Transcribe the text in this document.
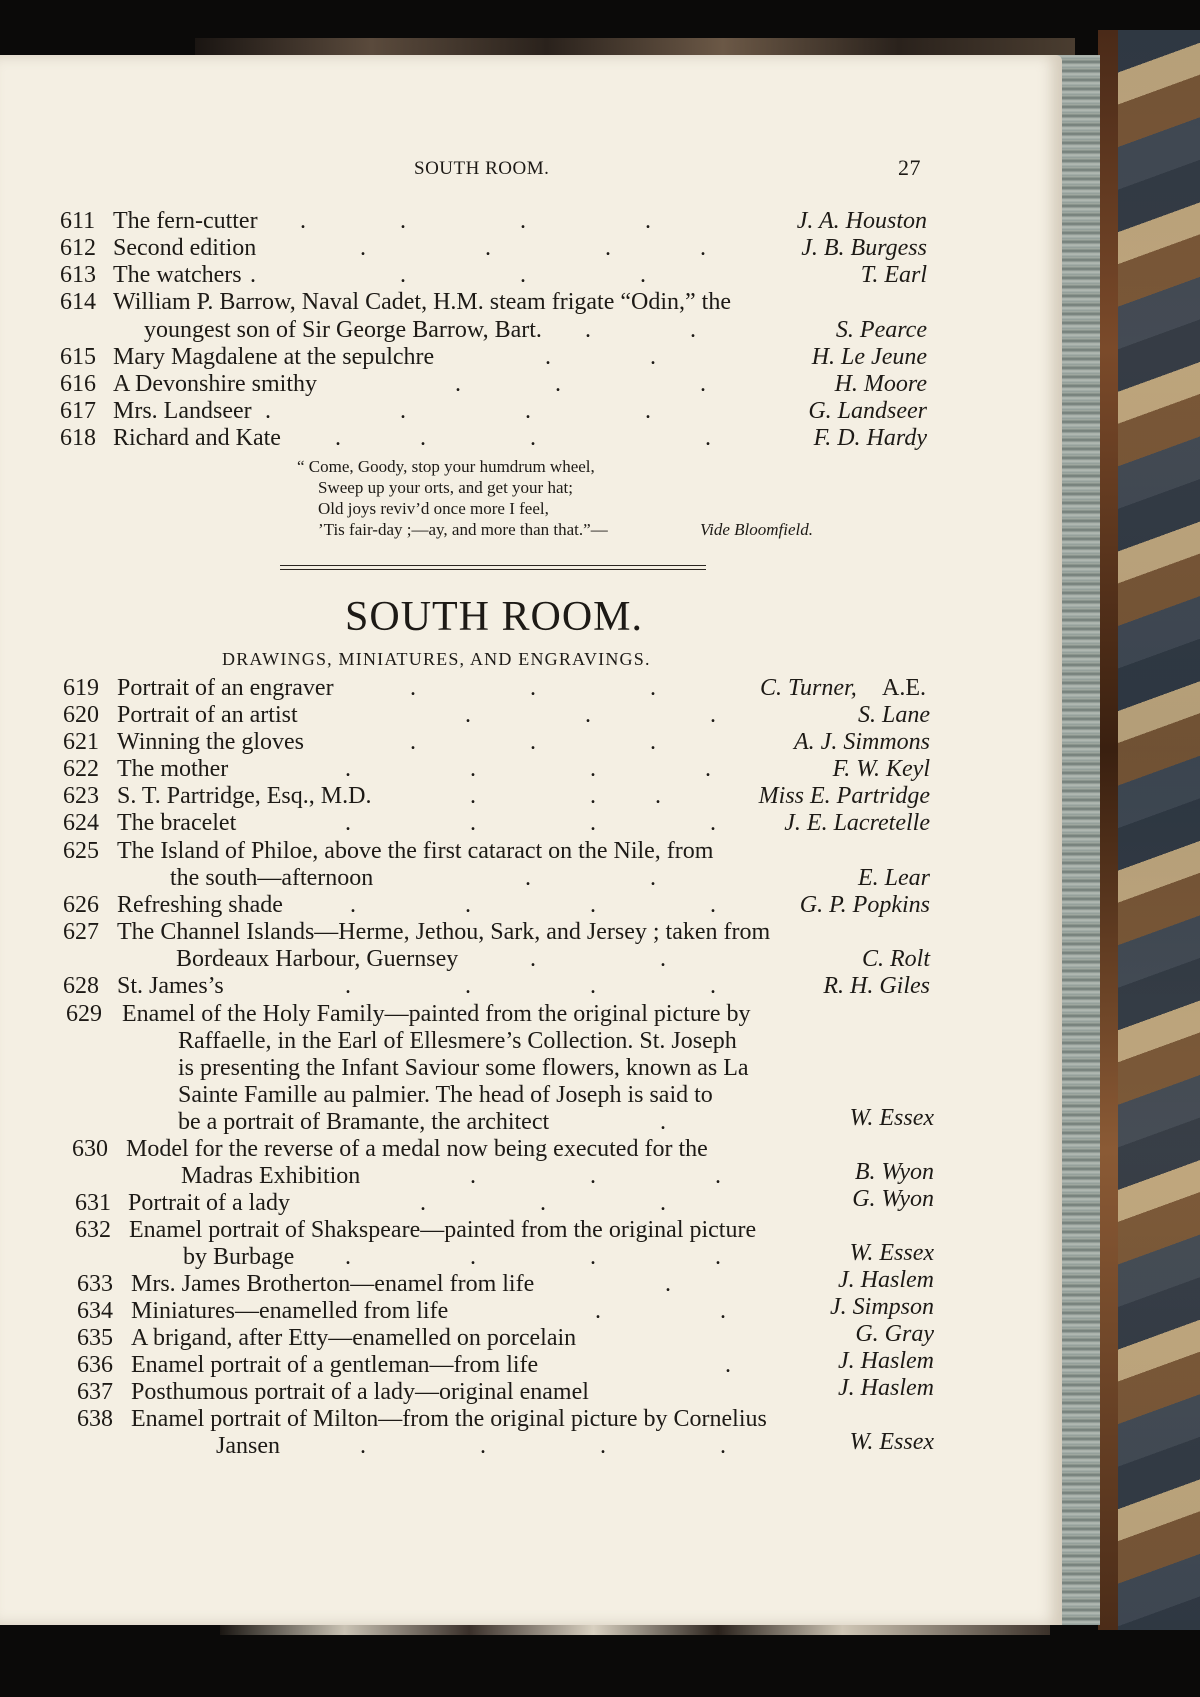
SOUTH ROOM.	27
611 The fern-cutter	J. A. Houston
612 Second edition	J. B. Burgess
613 The watchers	T. Earl
614 William P. Barrow, Naval Cadet, H.M. steam frigate “Odin,” the
youngest son of Sir George Barrow, Bart.	S. Pearce
615 Mary Magdalene at the sepulchre	H. Le Jeune
616 A Devonshire smithy	H. Moore
617 Mrs. Landseer	G. Landseer
618 Richard and Kate	F. D. Hardy
“ Come, Goody, stop your humdrum wheel,
Sweep up your orts, and get your hat;
Old joys reviv’d once more I feel,
’Tis fair-day ;—ay, and more than that.”—	Vide Bloomfield.
SOUTH ROOM.
DRAWINGS, MINIATURES, AND ENGRAVINGS.
619 Portrait of an engraver	C. Turner, A.E.
620 Portrait of an artist	S. Lane
621 Winning the gloves	A. J. Simmons
622 The mother	F. W. Keyl
623 S. T. Partridge, Esq., M.D.	Miss E. Partridge
624 The bracelet	J. E. Lacretelle
625 The Island of Philoe, above the first cataract on the Nile, from
the south—afternoon	E. Lear
626 Refreshing shade	G. P. Popkins
627 The Channel Islands—Herme, Jethou, Sark, and Jersey ; taken from
Bordeaux Harbour, Guernsey	C. Rolt
628 St. James’s	R. H. Giles
629 Enamel of the Holy Family—painted from the original picture by
Raffaelle, in the Earl of Ellesmere’s Collection. St. Joseph
is presenting the Infant Saviour some flowers, known as La
Sainte Famille au palmier. The head of Joseph is said to
be a portrait of Bramante, the architect	W. Essex
630 Model for the reverse of a medal now being executed for the
Madras Exhibition	B. Wyon
631 Portrait of a lady	G. Wyon
632 Enamel portrait of Shakspeare—painted from the original picture
by Burbage	W. Essex
633 Mrs. James Brotherton—enamel from life	J. Haslem
634 Miniatures—enamelled from life	J. Simpson
635 A brigand, after Etty—enamelled on porcelain	G. Gray
636 Enamel portrait of a gentleman—from life	J. Haslem
637 Posthumous portrait of a lady—original enamel	J. Haslem
638 Enamel portrait of Milton—from the original picture by Cornelius
Jansen	W. Essex
.	.	.	.
.	.	.	.
.	.	.	.
.	.
.	.
.	.	.
.	.	.	.
.	.	.	.
.	.	.
.	.	.
.	.	.
.	.	.	.
.	. .
.	.	.	.
.	.
.	.	.	.
.	.
.	.	.	.
.
.	.	.
.	.	.
.	.	.	.
.
.	.
.
.	.	.	.
